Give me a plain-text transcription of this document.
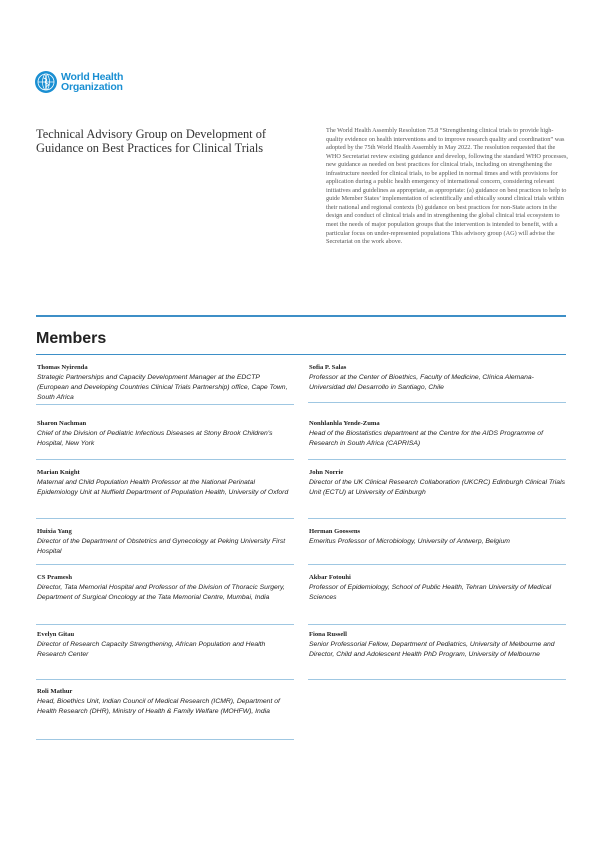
World Health
Organization
Technical Advisory Group on Development of Guidance on Best Practices for Clinical Trials
The World Health Assembly Resolution 75.8 “Strengthening clinical trials to provide high-quality evidence on health interventions and to improve research quality and coordination” was adopted by the 75th World Health Assembly in May 2022. The resolution requested that the WHO Secretariat review existing guidance and develop, following the standard WHO processes, new guidance as needed on best practices for clinical trials, including on strengthening the infrastructure needed for clinical trials, to be applied in normal times and with provisions for application during a public health emergency of international concern, considering relevant initiatives and guidelines as appropriate, as appropriate: (a) guidance on best practices to help to guide Member States’ implementation of scientifically and ethically sound clinical trials within their national and regional contexts (b) guidance on best practices for non-State actors in the design and conduct of clinical trials and in strengthening the global clinical trial ecosystem to meet the needs of major population groups that the intervention is intended to benefit, with a particular focus on under-represented populations This advisory group (AG) will advise the Secretariat on the work above.
Members
Thomas Nyirenda
Strategic Partnerships and Capacity Development Manager at the EDCTP (European and Developing Countries Clinical Trials Partnership) office, Cape Town, South Africa
Sofia P. Salas
Professor at the Center of Bioethics, Faculty of Medicine, Clínica Alemana-Universidad del Desarrollo in Santiago, Chile
Sharon Nachman
Chief of the Division of Pediatric Infectious Diseases at Stony Brook Children's Hospital, New York
Nonhlanhla Yende-Zuma
Head of the Biostatistics department at the Centre for the AIDS Programme of Research in South Africa (CAPRISA)
Marian Knight
Maternal and Child Population Health Professor at the National Perinatal Epidemiology Unit at Nuffield Department of Population Health, University of Oxford
John Norrie
Director of the UK Clinical Research Collaboration (UKCRC) Edinburgh Clinical Trials Unit (ECTU) at University of Edinburgh
Huixia Yang
Director of the Department of Obstetrics and Gynecology at Peking University First Hospital
Herman Goossens
Emeritus Professor of Microbiology, University of Antwerp, Belgium
CS Pramesh
Director, Tata Memorial Hospital and Professor of the Division of Thoracic Surgery, Department of Surgical Oncology at the Tata Memorial Centre, Mumbai, India
Akbar Fotouhi
Professor of Epidemiology, School of Public Health, Tehran University of Medical Sciences
Evelyn Gitau
Director of Research Capacity Strengthening, African Population and Health Research Center
Fiona Russell
Senior Professorial Fellow, Department of Pediatrics, University of Melbourne and Director, Child and Adolescent Health PhD Program, University of Melbourne
Roli Mathur
Head, Bioethics Unit, Indian Council of Medical Research (ICMR), Department of Health Research (DHR), Ministry of Health & Family Welfare (MOHFW), India
